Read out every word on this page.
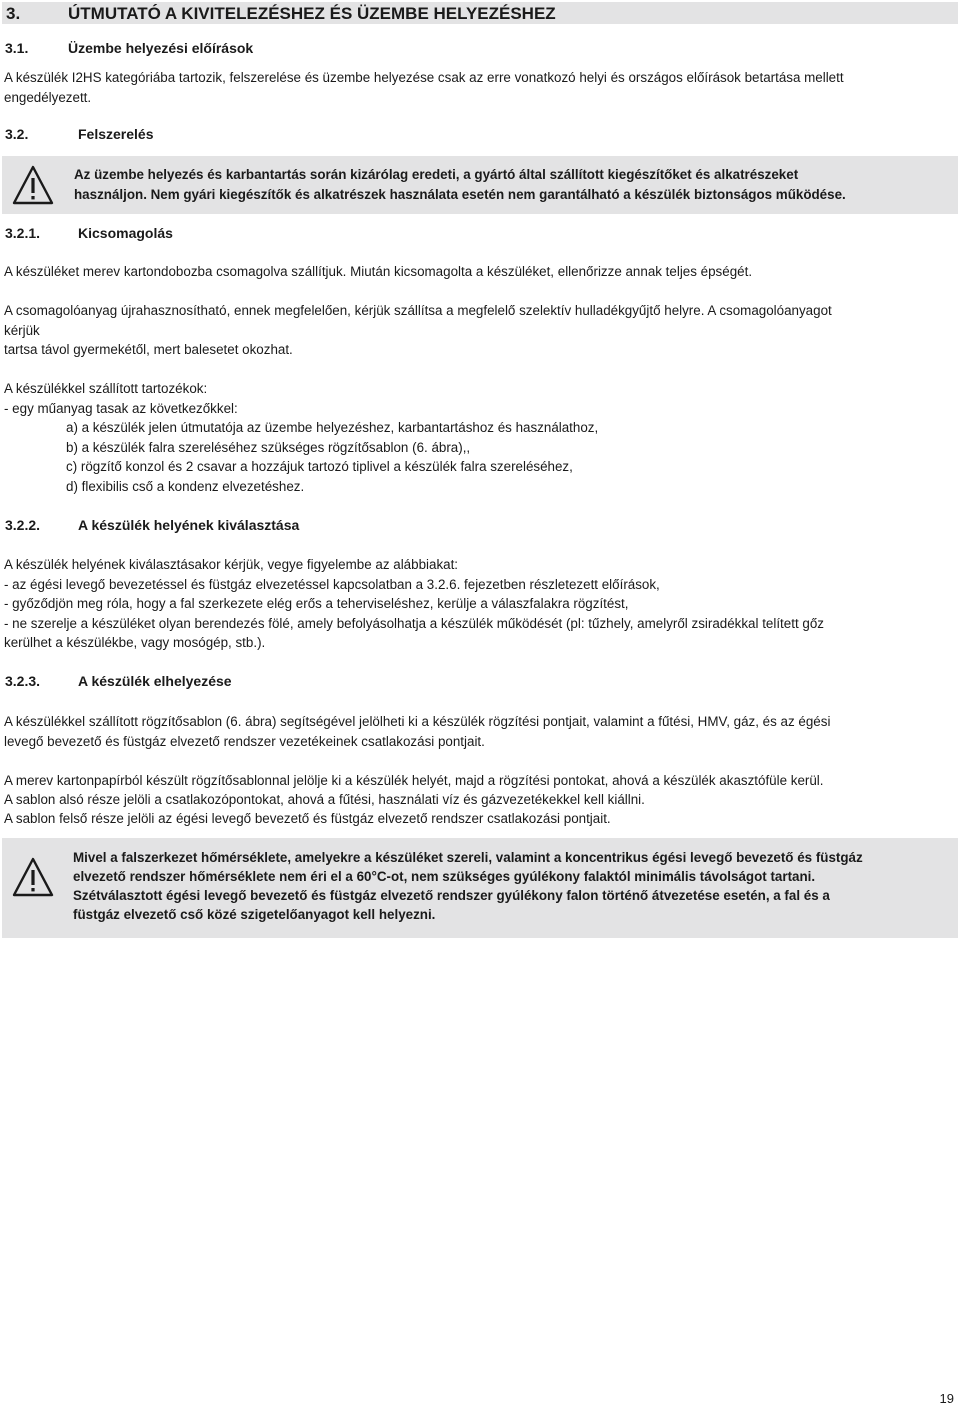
3.	ÚTMUTATÓ A KIVITELEZÉSHEZ ÉS ÜZEMBE HELYEZÉSHEZ
3.1.	Üzembe helyezési előírások
A készülék I2HS kategóriába tartozik, felszerelése és üzembe helyezése csak az erre vonatkozó helyi és országos előírások betartása mellett
engedélyezett.
3.2.	Felszerelés
Az üzembe helyezés és karbantartás során kizárólag eredeti, a gyártó által szállított kiegészítőket és alkatrészeket
használjon. Nem gyári kiegészítők és alkatrészek használata esetén nem garantálható a készülék biztonságos működése.
3.2.1.	Kicsomagolás
A készüléket merev kartondobozba csomagolva szállítjuk. Miután kicsomagolta a készüléket, ellenőrizze annak teljes épségét.
A csomagolóanyag újrahasznosítható, ennek megfelelően, kérjük szállítsa a megfelelő szelektív hulladékgyűjtő helyre. A csomagolóanyagot
kérjük
tartsa távol gyermekétől, mert balesetet okozhat.
A készülékkel szállított tartozékok:
- egy műanyag tasak az következőkkel:
a) a készülék jelen útmutatója az üzembe helyezéshez, karbantartáshoz és használathoz,
b) a készülék falra szereléséhez szükséges rögzítősablon (6. ábra),,
c) rögzítő konzol és 2 csavar a hozzájuk tartozó tiplivel a készülék falra szereléséhez,
d) flexibilis cső a kondenz elvezetéshez.
3.2.2.	A készülék helyének kiválasztása
A készülék helyének kiválasztásakor kérjük, vegye figyelembe az alábbiakat:
- az égési levegő bevezetéssel és füstgáz elvezetéssel kapcsolatban a 3.2.6. fejezetben részletezett előírások,
- győződjön meg róla, hogy a fal szerkezete elég erős a teherviseléshez, kerülje a válaszfalakra rögzítést,
- ne szerelje a készüléket olyan berendezés fölé, amely befolyásolhatja a készülék működését (pl: tűzhely, amelyről zsiradékkal telített gőz
kerülhet a készülékbe, vagy mosógép, stb.).
3.2.3.	A készülék elhelyezése
A készülékkel szállított rögzítősablon (6. ábra) segítségével jelölheti ki a készülék rögzítési pontjait, valamint a fűtési, HMV, gáz, és az égési
levegő bevezető és füstgáz elvezető rendszer vezetékeinek csatlakozási pontjait.
A merev kartonpapírból készült rögzítősablonnal jelölje ki a készülék helyét, majd a rögzítési pontokat, ahová a készülék akasztófüle kerül.
A sablon alsó része jelöli a csatlakozópontokat, ahová a fűtési, használati víz és gázvezetékekkel kell kiállni.
A sablon felső része jelöli az égési levegő bevezető és füstgáz elvezető rendszer csatlakozási pontjait.
Mivel a falszerkezet hőmérséklete, amelyekre a készüléket szereli, valamint a koncentrikus égési levegő bevezető és füstgáz
elvezető rendszer hőmérséklete nem éri el a 60°C-ot, nem szükséges gyúlékony falaktól minimális távolságot tartani.
Szétválasztott égési levegő bevezető és füstgáz elvezető rendszer gyúlékony falon történő átvezetése esetén, a fal és a
füstgáz elvezető cső közé szigetelőanyagot kell helyezni.
19
